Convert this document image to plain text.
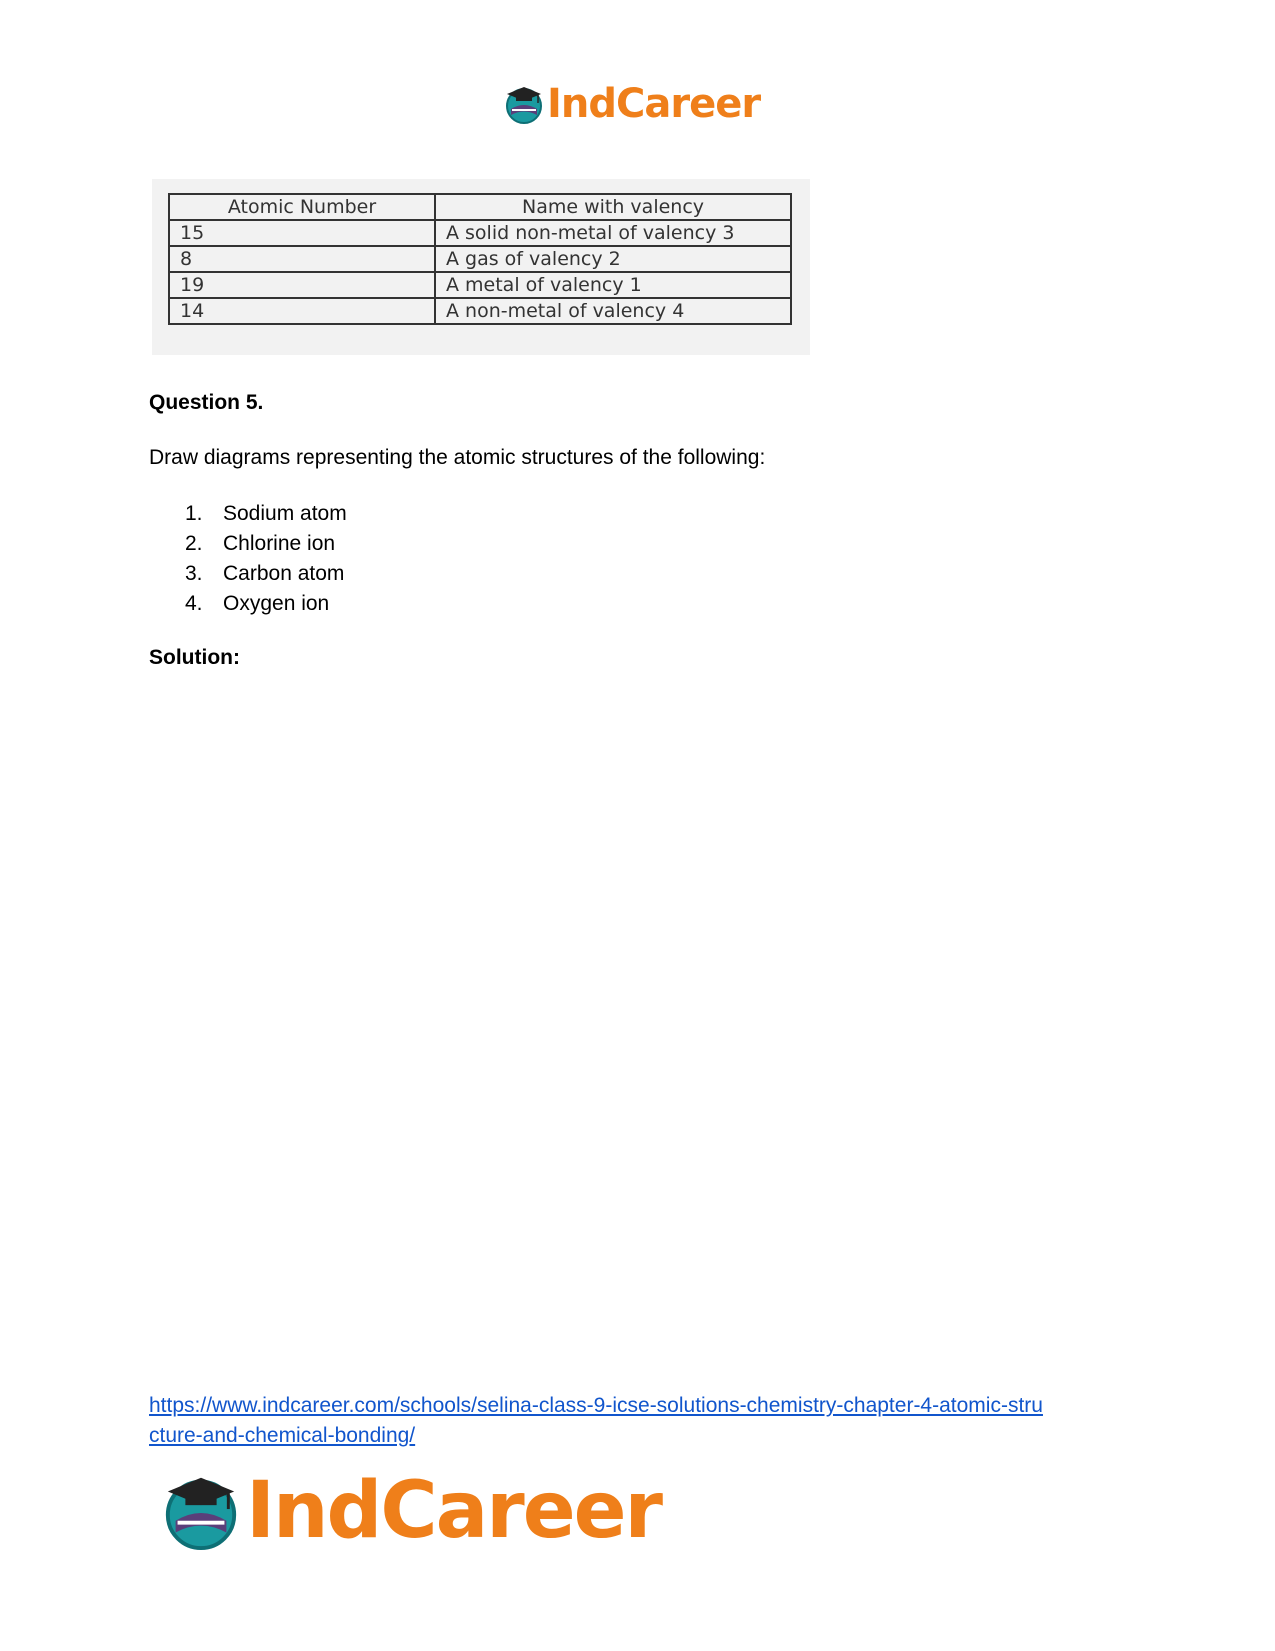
IndCareer
Atomic Number	Name with valency
15	A solid non-metal of valency 3
8	A gas of valency 2
19	A metal of valency 1
14	A non-metal of valency 4
Question 5.
Draw diagrams representing the atomic structures of the following:
1. Sodium atom
2. Chlorine ion
3. Carbon atom
4. Oxygen ion
Solution:
https://www.indcareer.com/schools/selina-class-9-icse-solutions-chemistry-chapter-4-atomic-stru
cture-and-chemical-bonding/
IndCareer
